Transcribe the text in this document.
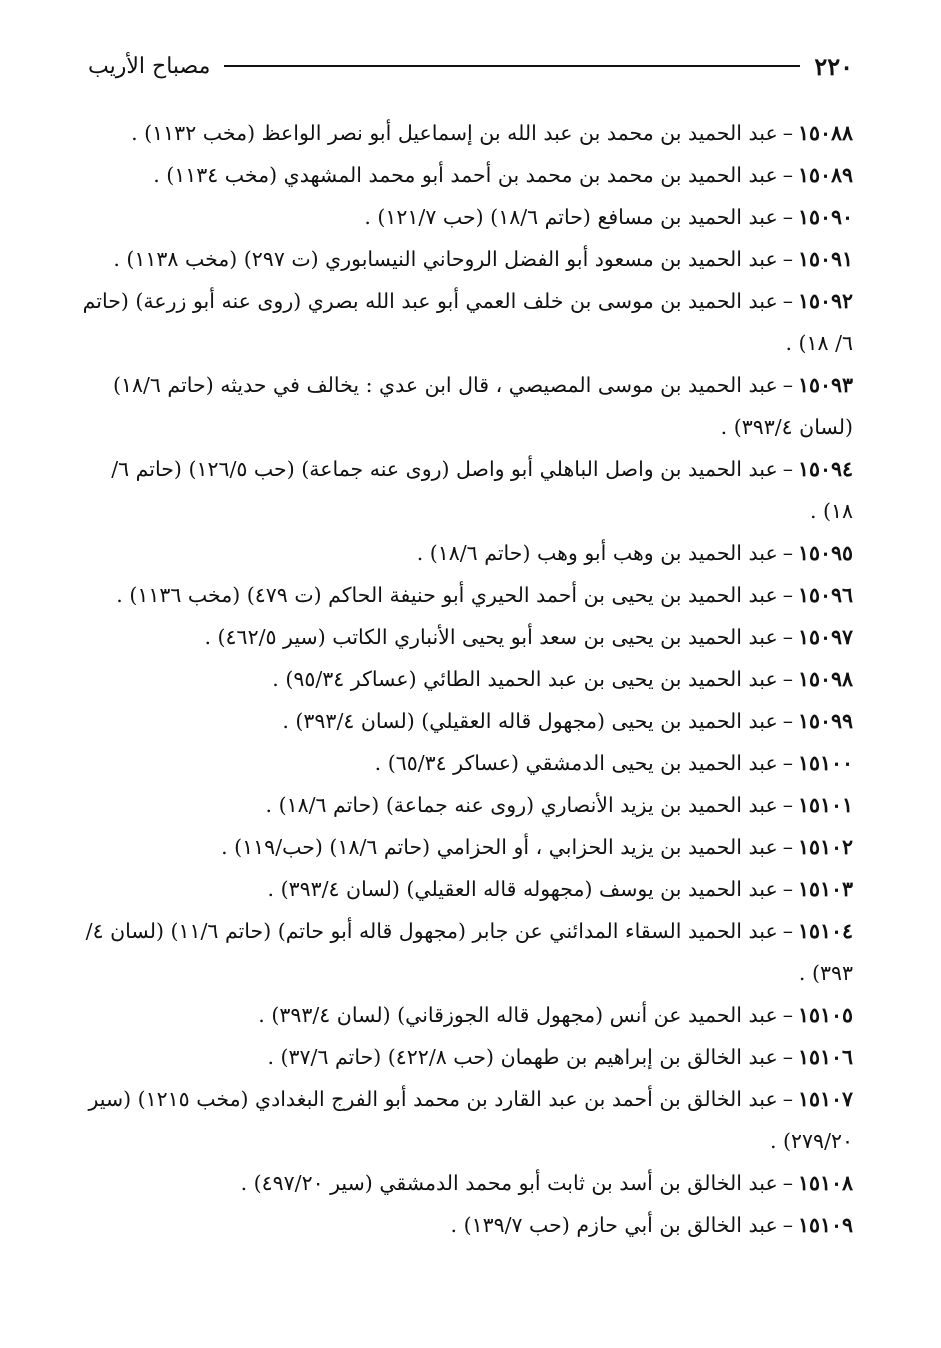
٢٢٠
مصباح الأريب

١٥٠٨٨–عبد الحميد بن محمد بن عبد الله بن إسماعيل أبو نصر الواعظ (مخب ١١٣٢) .

١٥٠٨٩–عبد الحميد بن محمد بن محمد بن أحمد أبو محمد المشهدي (مخب ١١٣٤) .

١٥٠٩٠–عبد الحميد بن مسافع (حاتم ١٨/٦) (حب ١٢١/٧) .

١٥٠٩١–عبد الحميد بن مسعود أبو الفضل الروحاني النيسابوري (ت ٢٩٧) (مخب ١١٣٨) .

١٥٠٩٢–عبد الحميد بن موسى بن خلف العمي أبو عبد الله بصري (روى عنه أبو زرعة) (حاتم ٦/ ١٨) .

١٥٠٩٣–عبد الحميد بن موسى المصيصي ، قال ابن عدي : يخالف في حديثه (حاتم ١٨/٦) (لسان ٣٩٣/٤) .

١٥٠٩٤–عبد الحميد بن واصل الباهلي أبو واصل (روى عنه جماعة) (حب ١٢٦/٥) (حاتم ٦/ ١٨) .

١٥٠٩٥–عبد الحميد بن وهب أبو وهب (حاتم ١٨/٦) .

١٥٠٩٦–عبد الحميد بن يحيى بن أحمد الحيري أبو حنيفة الحاكم (ت ٤٧٩) (مخب ١١٣٦) .

١٥٠٩٧–عبد الحميد بن يحيى بن سعد أبو يحيى الأنباري الكاتب (سير ٤٦٢/٥) .

١٥٠٩٨–عبد الحميد بن يحيى بن عبد الحميد الطائي (عساكر ٩٥/٣٤) .

١٥٠٩٩–عبد الحميد بن يحيى (مجهول قاله العقيلي) (لسان ٣٩٣/٤) .

١٥١٠٠–عبد الحميد بن يحيى الدمشقي (عساكر ٦٥/٣٤) .

١٥١٠١–عبد الحميد بن يزيد الأنصاري (روى عنه جماعة) (حاتم ١٨/٦) .

١٥١٠٢–عبد الحميد بن يزيد الحزابي ، أو الحزامي (حاتم ١٨/٦) (حب/١١٩) .

١٥١٠٣–عبد الحميد بن يوسف (مجهوله قاله العقيلي) (لسان ٣٩٣/٤) .

١٥١٠٤–عبد الحميد السقاء المدائني عن جابر (مجهول قاله أبو حاتم) (حاتم ١١/٦) (لسان ٤/ ٣٩٣) .

١٥١٠٥–عبد الحميد عن أنس (مجهول قاله الجوزقاني) (لسان ٣٩٣/٤) .

١٥١٠٦–عبد الخالق بن إبراهيم بن طهمان (حب ٤٢٢/٨) (حاتم ٣٧/٦) .

١٥١٠٧–عبد الخالق بن أحمد بن عبد القارد بن محمد أبو الفرج البغدادي (مخب ١٢١٥) (سير ٢٧٩/٢٠) .

١٥١٠٨–عبد الخالق بن أسد بن ثابت أبو محمد الدمشقي (سير ٤٩٧/٢٠) .

١٥١٠٩–عبد الخالق بن أبي حازم (حب ١٣٩/٧) .
